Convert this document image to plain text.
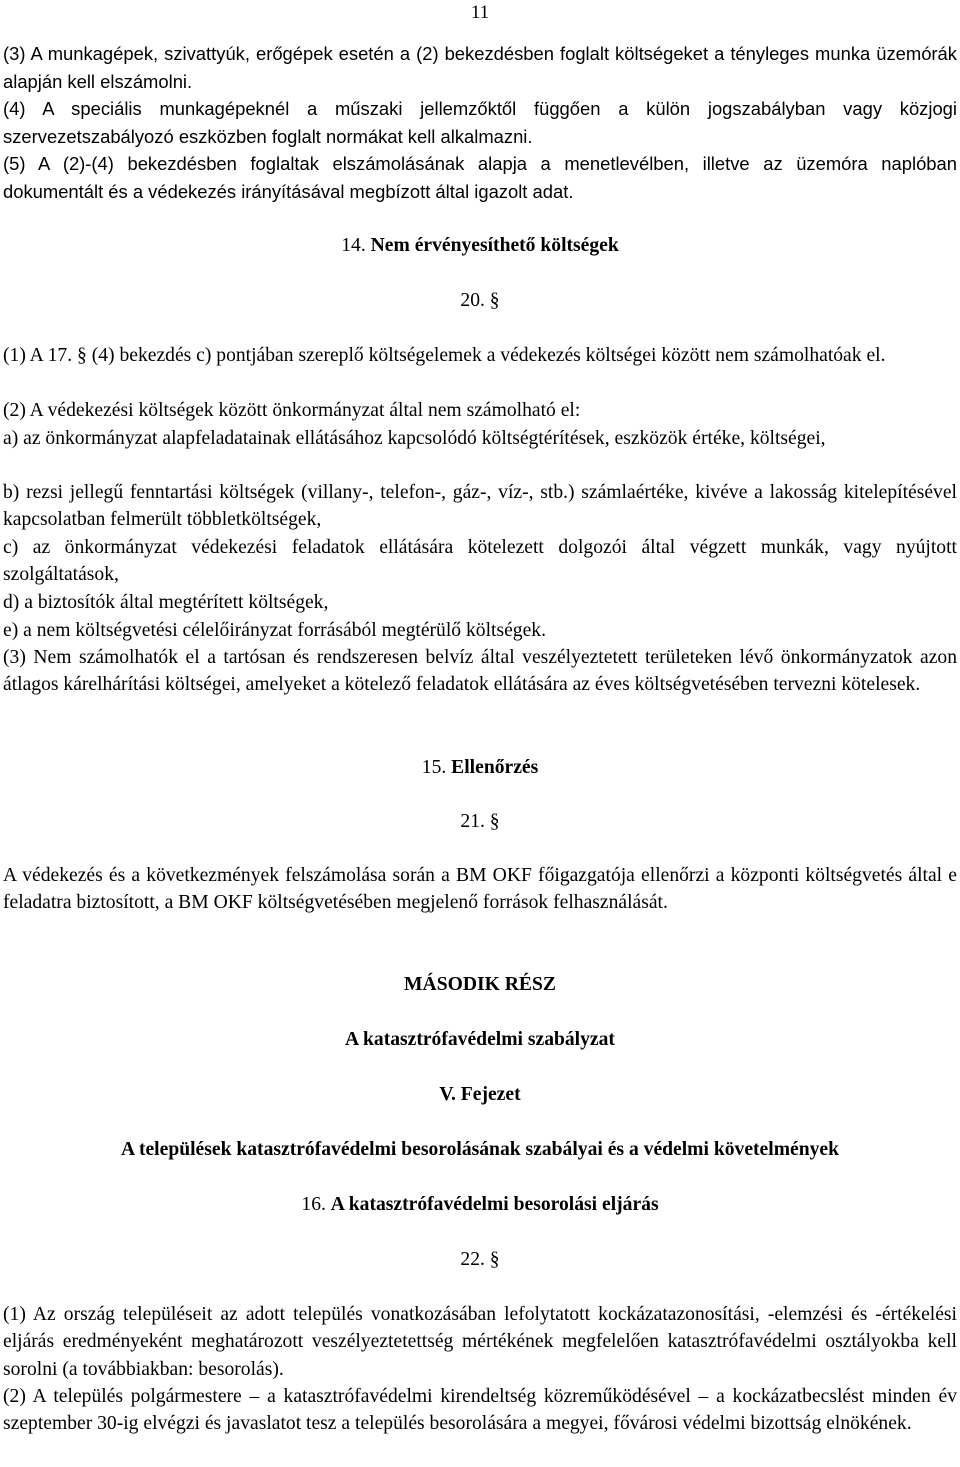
11

(3) A munkagépek, szivattyúk, erőgépek esetén a (2) bekezdésben foglalt költségeket a tényleges munka üzemórák alapján kell elszámolni.

(4) A speciális munkagépeknél a műszaki jellemzőktől függően a külön jogszabályban vagy közjogi szervezetszabályozó eszközben foglalt normákat kell alkalmazni.

(5) A (2)-(4) bekezdésben foglaltak elszámolásának alapja a menetlevélben, illetve az üzemóra naplóban dokumentált és a védekezés irányításával megbízott által igazolt adat.

14. Nem érvényesíthető költségek

20. §

(1) A 17. § (4) bekezdés c) pontjában szereplő költségelemek a védekezés költségei között nem számolhatóak el.

(2) A védekezési költségek között önkormányzat által nem számolható el:

a) az önkormányzat alapfeladatainak ellátásához kapcsolódó költségtérítések, eszközök értéke, költségei,

b) rezsi jellegű fenntartási költségek (villany-, telefon-, gáz-, víz-, stb.) számlaértéke, kivéve a lakosság kitelepítésével kapcsolatban felmerült többletköltségek,

c) az önkormányzat védekezési feladatok ellátására kötelezett dolgozói által végzett munkák, vagy nyújtott szolgáltatások,

d) a biztosítók által megtérített költségek,

e) a nem költségvetési célelőirányzat forrásából megtérülő költségek.

(3) Nem számolhatók el a tartósan és rendszeresen belvíz által veszélyeztetett területeken lévő önkormányzatok azon átlagos kárelhárítási költségei, amelyeket a kötelező feladatok ellátására az éves költségvetésében tervezni kötelesek.

15. Ellenőrzés

21. §

A védekezés és a következmények felszámolása során a BM OKF főigazgatója ellenőrzi a központi költségvetés által e feladatra biztosított, a BM OKF költségvetésében megjelenő források felhasználását.

MÁSODIK RÉSZ

A katasztrófavédelmi szabályzat

V. Fejezet

A települések katasztrófavédelmi besorolásának szabályai és a védelmi követelmények

16. A katasztrófavédelmi besorolási eljárás

22. §

(1) Az ország településeit az adott település vonatkozásában lefolytatott kockázatazonosítási, -elemzési és -értékelési eljárás eredményeként meghatározott veszélyeztetettség mértékének megfelelően katasztrófavédelmi osztályokba kell sorolni (a továbbiakban: besorolás).

(2) A település polgármestere – a katasztrófavédelmi kirendeltség közreműködésével – a kockázatbecslést minden év szeptember 30-ig elvégzi és javaslatot tesz a település besorolására a megyei, fővárosi védelmi bizottság elnökének.
